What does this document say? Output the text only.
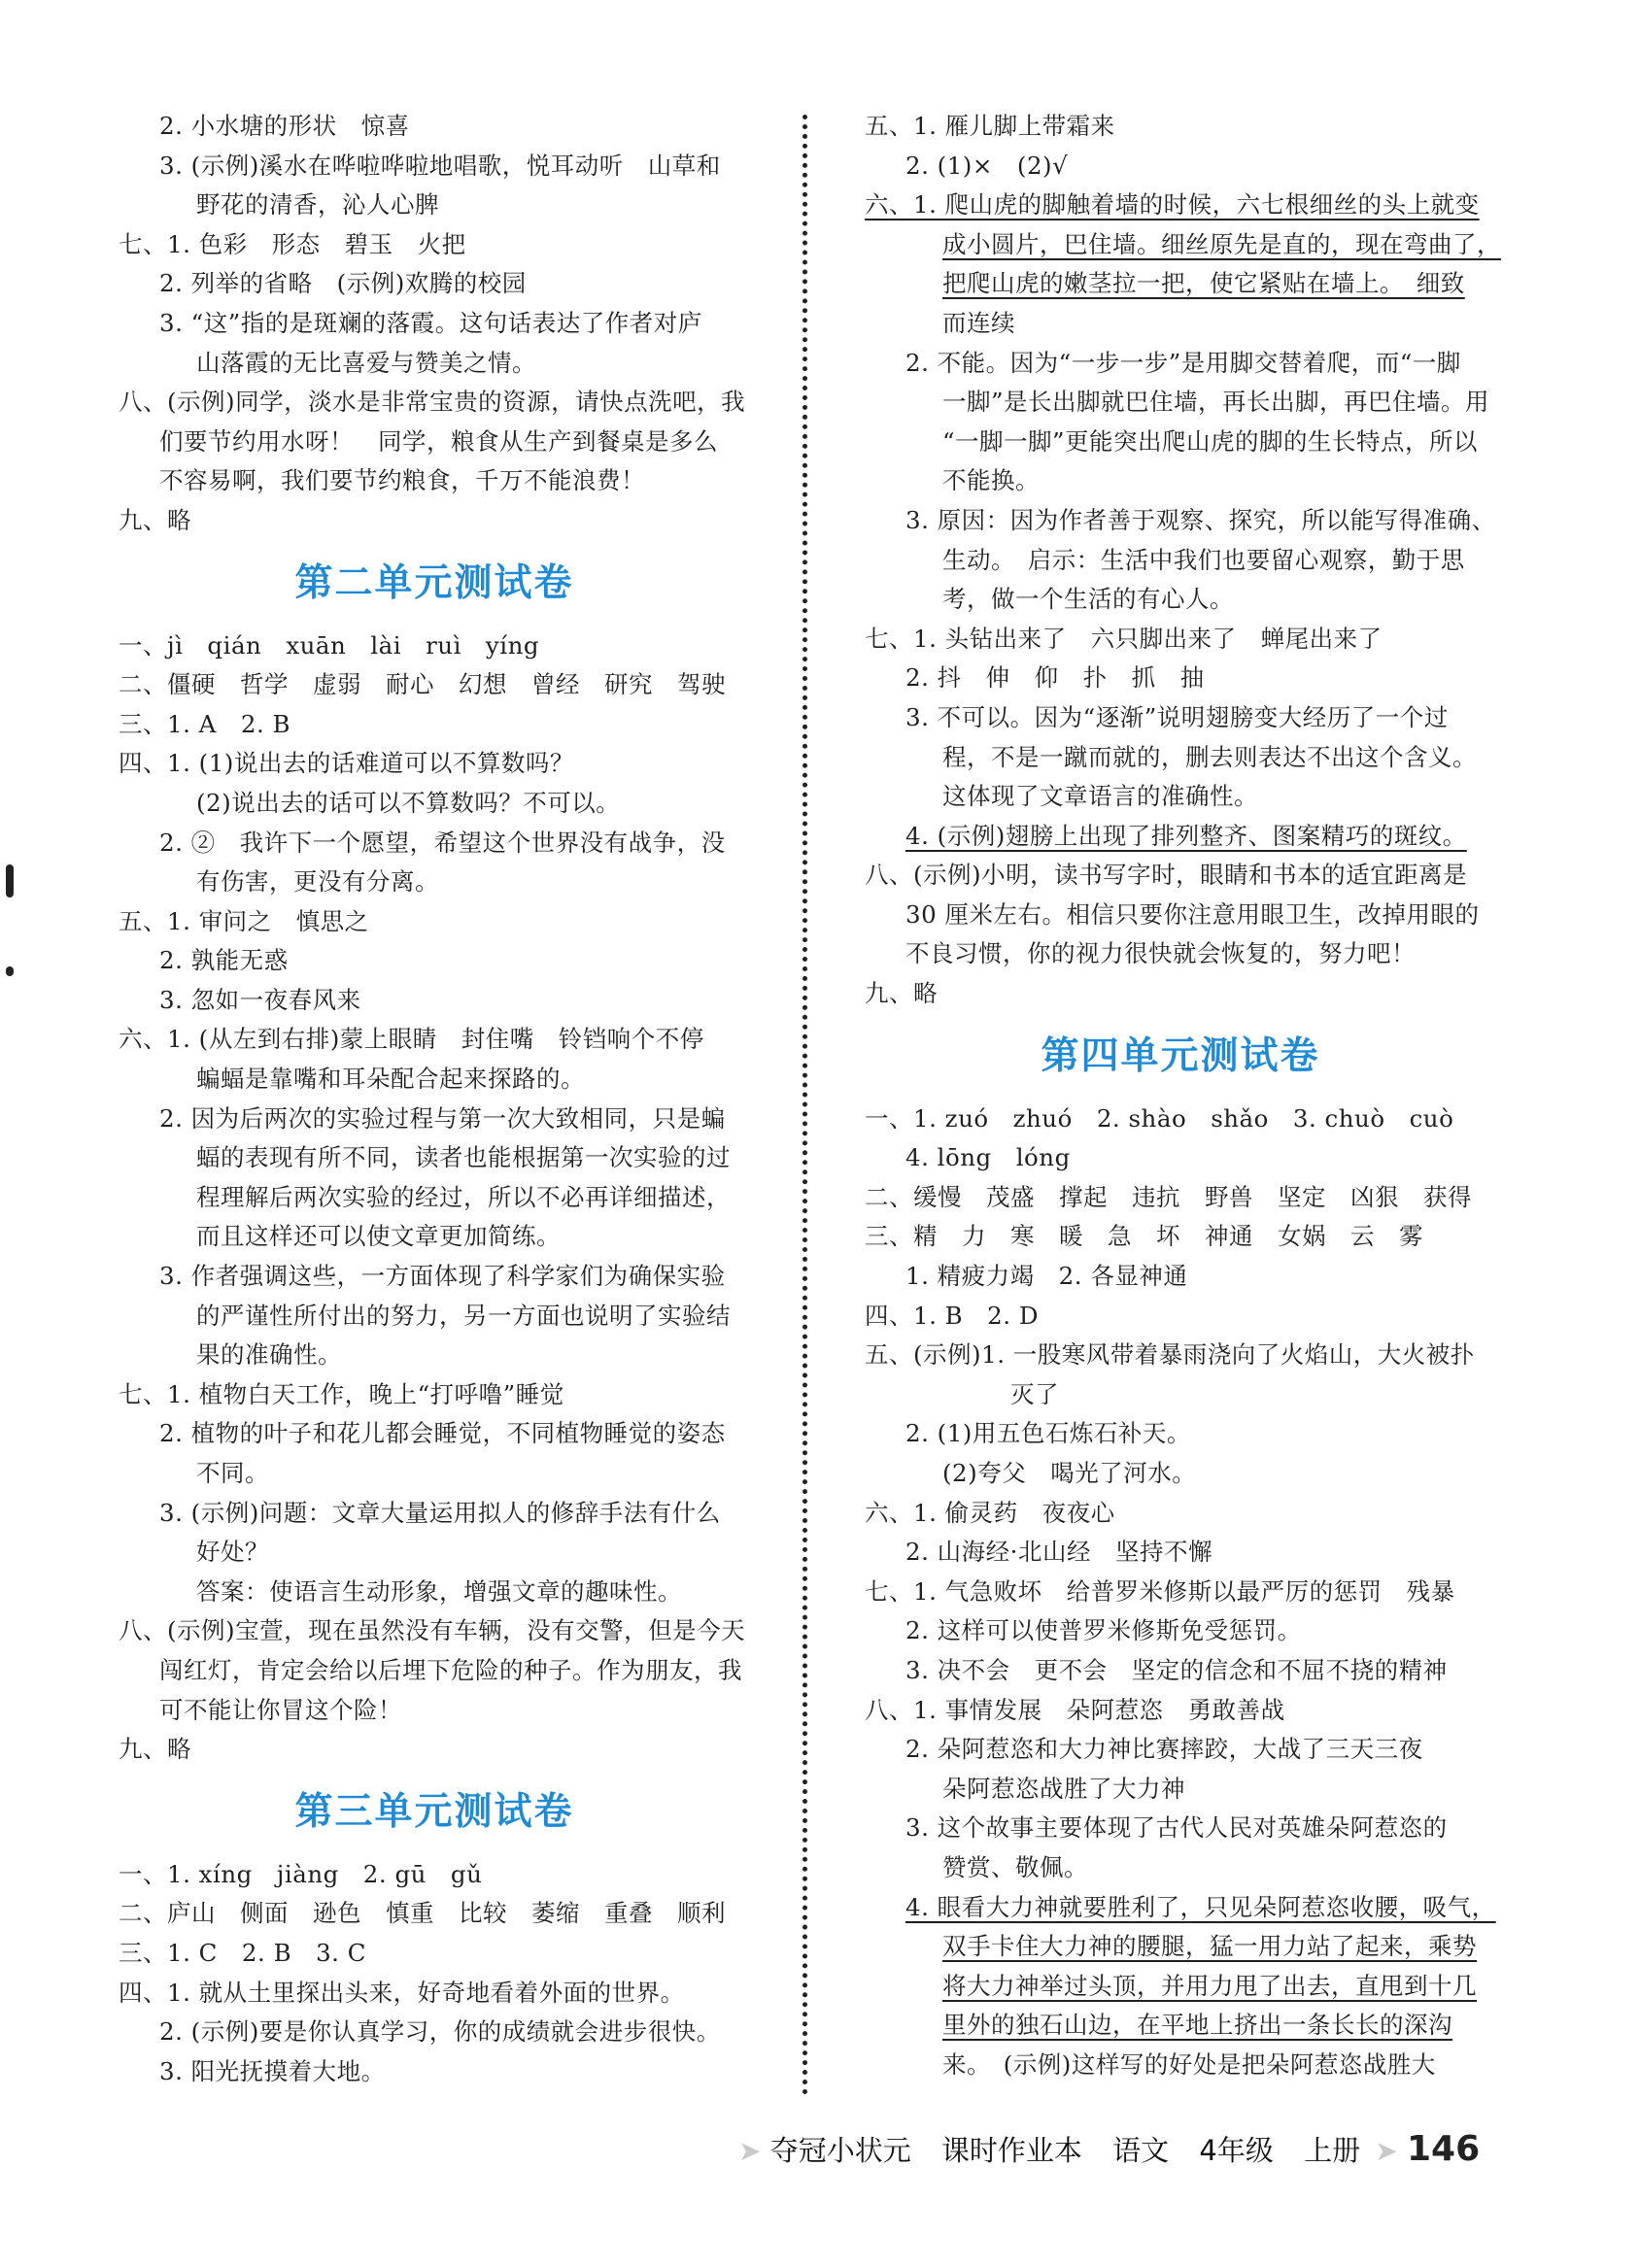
2. 小水塘的形状　惊喜
3. (示例)溪水在哗啦哗啦地唱歌，悦耳动听　山草和
野花的清香，沁人心脾
七、1. 色彩　形态　碧玉　火把
2. 列举的省略　(示例)欢腾的校园
3. “这”指的是斑斓的落霞。这句话表达了作者对庐
山落霞的无比喜爱与赞美之情。
八、(示例)同学，淡水是非常宝贵的资源，请快点洗吧，我
们要节约用水呀！　同学，粮食从生产到餐桌是多么
不容易啊，我们要节约粮食，千万不能浪费！
九、略
第二单元测试卷
一、jì　qián　xuān　lài　ruì　yíng
二、僵硬　哲学　虚弱　耐心　幻想　曾经　研究　驾驶
三、1. A　2. B
四、1. (1)说出去的话难道可以不算数吗？
(2)说出去的话可以不算数吗？不可以。
2. ②　我许下一个愿望，希望这个世界没有战争，没
有伤害，更没有分离。
五、1. 审问之　慎思之
2. 孰能无惑
3. 忽如一夜春风来
六、1. (从左到右排)蒙上眼睛　封住嘴　铃铛响个不停
蝙蝠是靠嘴和耳朵配合起来探路的。
2. 因为后两次的实验过程与第一次大致相同，只是蝙
蝠的表现有所不同，读者也能根据第一次实验的过
程理解后两次实验的经过，所以不必再详细描述，
而且这样还可以使文章更加简练。
3. 作者强调这些，一方面体现了科学家们为确保实验
的严谨性所付出的努力，另一方面也说明了实验结
果的准确性。
七、1. 植物白天工作，晚上“打呼噜”睡觉
2. 植物的叶子和花儿都会睡觉，不同植物睡觉的姿态
不同。
3. (示例)问题：文章大量运用拟人的修辞手法有什么
好处？
答案：使语言生动形象，增强文章的趣味性。
八、(示例)宝萱，现在虽然没有车辆，没有交警，但是今天
闯红灯，肯定会给以后埋下危险的种子。作为朋友，我
可不能让你冒这个险！
九、略
第三单元测试卷
一、1. xíng　jiàng　2. gū　gǔ
二、庐山　侧面　逊色　慎重　比较　萎缩　重叠　顺利
三、1. C　2. B　3. C
四、1. 就从土里探出头来，好奇地看着外面的世界。
2. (示例)要是你认真学习，你的成绩就会进步很快。
3. 阳光抚摸着大地。
五、1. 雁儿脚上带霜来
2. (1)×　(2)√
六、1. 爬山虎的脚触着墙的时候，六七根细丝的头上就变
成小圆片，巴住墙。细丝原先是直的，现在弯曲了，
把爬山虎的嫩茎拉一把，使它紧贴在墙上。　细致
而连续
2. 不能。因为“一步一步”是用脚交替着爬，而“一脚
一脚”是长出脚就巴住墙，再长出脚，再巴住墙。用
“一脚一脚”更能突出爬山虎的脚的生长特点，所以
不能换。
3. 原因：因为作者善于观察、探究，所以能写得准确、
生动。　启示：生活中我们也要留心观察，勤于思
考，做一个生活的有心人。
七、1. 头钻出来了　六只脚出来了　蝉尾出来了
2. 抖　伸　仰　扑　抓　抽
3. 不可以。因为“逐渐”说明翅膀变大经历了一个过
程，不是一蹴而就的，删去则表达不出这个含义。
这体现了文章语言的准确性。
4. (示例)翅膀上出现了排列整齐、图案精巧的斑纹。
八、(示例)小明，读书写字时，眼睛和书本的适宜距离是
30 厘米左右。相信只要你注意用眼卫生，改掉用眼的
不良习惯，你的视力很快就会恢复的，努力吧！
九、略
第四单元测试卷
一、1. zuó　zhuó　2. shào　shǎo　3. chuò　cuò
4. lōng　lóng
二、缓慢　茂盛　撑起　违抗　野兽　坚定　凶狠　获得
三、精　力　寒　暖　急　坏　神通　女娲　云　雾
1. 精疲力竭　2. 各显神通
四、1. B　2. D
五、(示例)1. 一股寒风带着暴雨浇向了火焰山，大火被扑
灭了
2. (1)用五色石炼石补天。
(2)夸父　喝光了河水。
六、1. 偷灵药　夜夜心
2. 山海经·北山经　坚持不懈
七、1. 气急败坏　给普罗米修斯以最严厉的惩罚　残暴
2. 这样可以使普罗米修斯免受惩罚。
3. 决不会　更不会　坚定的信念和不屈不挠的精神
八、1. 事情发展　朵阿惹恣　勇敢善战
2. 朵阿惹恣和大力神比赛摔跤，大战了三天三夜
朵阿惹恣战胜了大力神
3. 这个故事主要体现了古代人民对英雄朵阿惹恣的
赞赏、敬佩。
4. 眼看大力神就要胜利了，只见朵阿惹恣收腰，吸气，
双手卡住大力神的腰腿，猛一用力站了起来，乘势
将大力神举过头顶，并用力甩了出去，直甩到十几
里外的独石山边，在平地上挤出一条长长的深沟
来。　(示例)这样写的好处是把朵阿惹恣战胜大
➤ 夺冠小状元 课时作业本 语文 4年级 上册 ➤ 146
